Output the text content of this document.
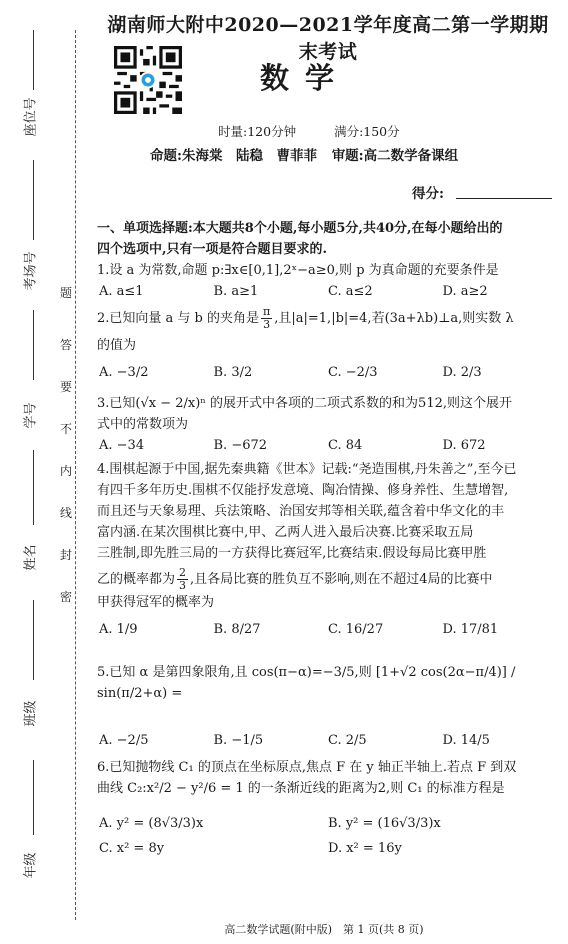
座位号
考场号
学号
姓名
班级
年级
题
答
要
不
内
线
封
密
湖南师大附中2020—2021学年度高二第一学期期末考试
数学
时量:120分钟	满分:150分
命题:朱海棠　陆稳　曹菲菲 审题:高二数学备课组
得分:
一、单项选择题:本大题共8个小题,每小题5分,共40分,在每小题给出的
四个选项中,只有一项是符合题目要求的.
1.设 a 为常数,命题 p:∃x∈[0,1],2ˣ−a≥0,则 p 为真命题的充要条件是
A. a≤1	B. a≥1	C. a≤2	D. a≥2
2.已知向量 a 与 b 的夹角是 $\frac{\pi}{3}$ ,且|a|=1,|b|=4,若(3a+λb)⊥a,则实数 λ
的值为
A. −3/2	B. 3/2	C. −2/3	D. 2/3
3.已知(√x − 2/x)ⁿ 的展开式中各项的二项式系数的和为512,则这个展开
式中的常数项为
A. −34	B. −672	C. 84	D. 672
4.围棋起源于中国,据先秦典籍《世本》记载:“尧造围棋,丹朱善之”,至今已
有四千多年历史.围棋不仅能抒发意境、陶冶情操、修身养性、生慧增智,
而且还与天象易理、兵法策略、治国安邦等相关联,蕴含着中华文化的丰
富内涵.在某次围棋比赛中,甲、乙两人进入最后决赛.比赛采取五局
三胜制,即先胜三局的一方获得比赛冠军,比赛结束.假设每局比赛甲胜
乙的概率都为 $\frac{2}{3}$ ,且各局比赛的胜负互不影响,则在不超过4局的比赛中
甲获得冠军的概率为
A. 1/9	B. 8/27	C. 16/27	D. 17/81
5.已知 α 是第四象限角,且 cos(π−α)=−3/5,则 [1+√2 cos(2α−π/4)] / sin(π/2+α) =
A. −2/5	B. −1/5	C. 2/5	D. 14/5
6.已知抛物线 C₁ 的顶点在坐标原点,焦点 F 在 y 轴正半轴上.若点 F 到双
曲线 C₂:x²/2 − y²/6 = 1 的一条渐近线的距离为2,则 C₁ 的标准方程是
A. y² = (8√3/3)x	B. y² = (16√3/3)x
C. x² = 8y	D. x² = 16y
高二数学试题(附中版)　第 1 页(共 8 页)
